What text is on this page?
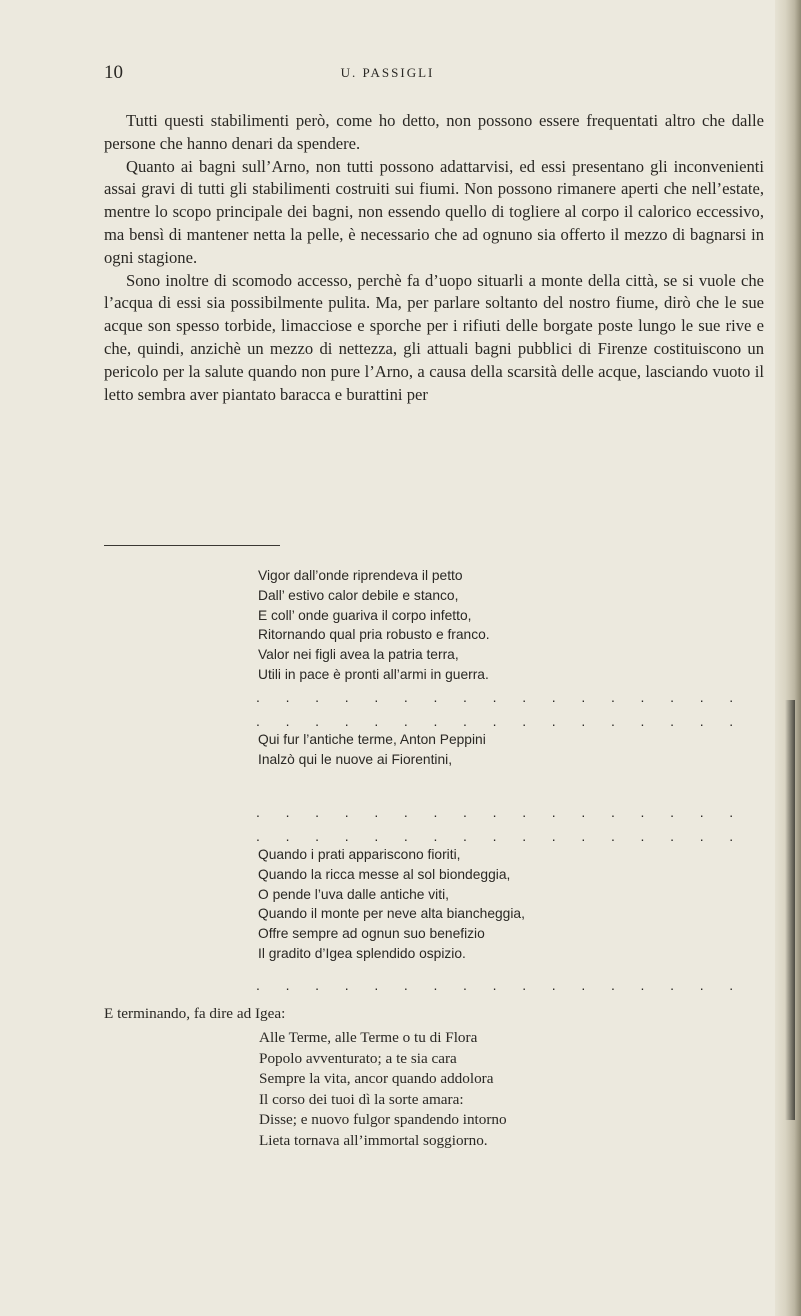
10	U. PASSIGLI

Tutti questi stabilimenti però, come ho detto, non possono essere frequentati altro che dalle persone che hanno denari da spendere.

Quanto ai bagni sull’Arno, non tutti possono adattarvisi, ed essi presentano gli inconvenienti assai gravi di tutti gli stabilimenti costruiti sui fiumi. Non possono rimanere aperti che nell’estate, mentre lo scopo principale dei bagni, non essendo quello di togliere al corpo il calorico eccessivo, ma bensì di mantener netta la pelle, è necessario che ad ognuno sia offerto il mezzo di bagnarsi in ogni stagione.

Sono inoltre di scomodo accesso, perchè fa d’uopo situarli a monte della città, se si vuole che l’acqua di essi sia possibilmente pulita. Ma, per parlare soltanto del nostro fiume, dirò che le sue acque son spesso torbide, limacciose e sporche per i rifiuti delle borgate poste lungo le sue rive e che, quindi, anzichè un mezzo di nettezza, gli attuali bagni pubblici di Firenze costituiscono un pericolo per la salute quando non pure l’Arno, a causa della scarsità delle acque, lasciando vuoto il letto sembra aver piantato baracca e burattini per

Vigor dall’onde riprendeva il petto
Dall’ estivo calor debile e stanco,
E coll’ onde guariva il corpo infetto,
Ritornando qual pria robusto e franco.
Valor nei figli avea la patria terra,
Utili in pace è pronti all’armi in guerra.
. . . . . . . . . . . . . . . . .
. . . . . . . . . . . . . . . . .
Qui fur l’antiche terme, Anton Peppini
Inalzò qui le nuove ai Fiorentini,
. . . . . . . . . . . . . . . . .
. . . . . . . . . . . . . . . . .
Quando i prati appariscono fioriti,
Quando la ricca messe al sol biondeggia,
O pende l’uva dalle antiche viti,
Quando il monte per neve alta biancheggia,
Offre sempre ad ognun suo benefizio
Il gradito d’Igea splendido ospizio.
. . . . . . . . . . . . . . . . .
E terminando, fa dire ad Igea:
Alle Terme, alle Terme o tu di Flora
Popolo avventurato; a te sia cara
Sempre la vita, ancor quando addolora
Il corso dei tuoi dì la sorte amara:
Disse; e nuovo fulgor spandendo intorno
Lieta tornava all’immortal soggiorno.
